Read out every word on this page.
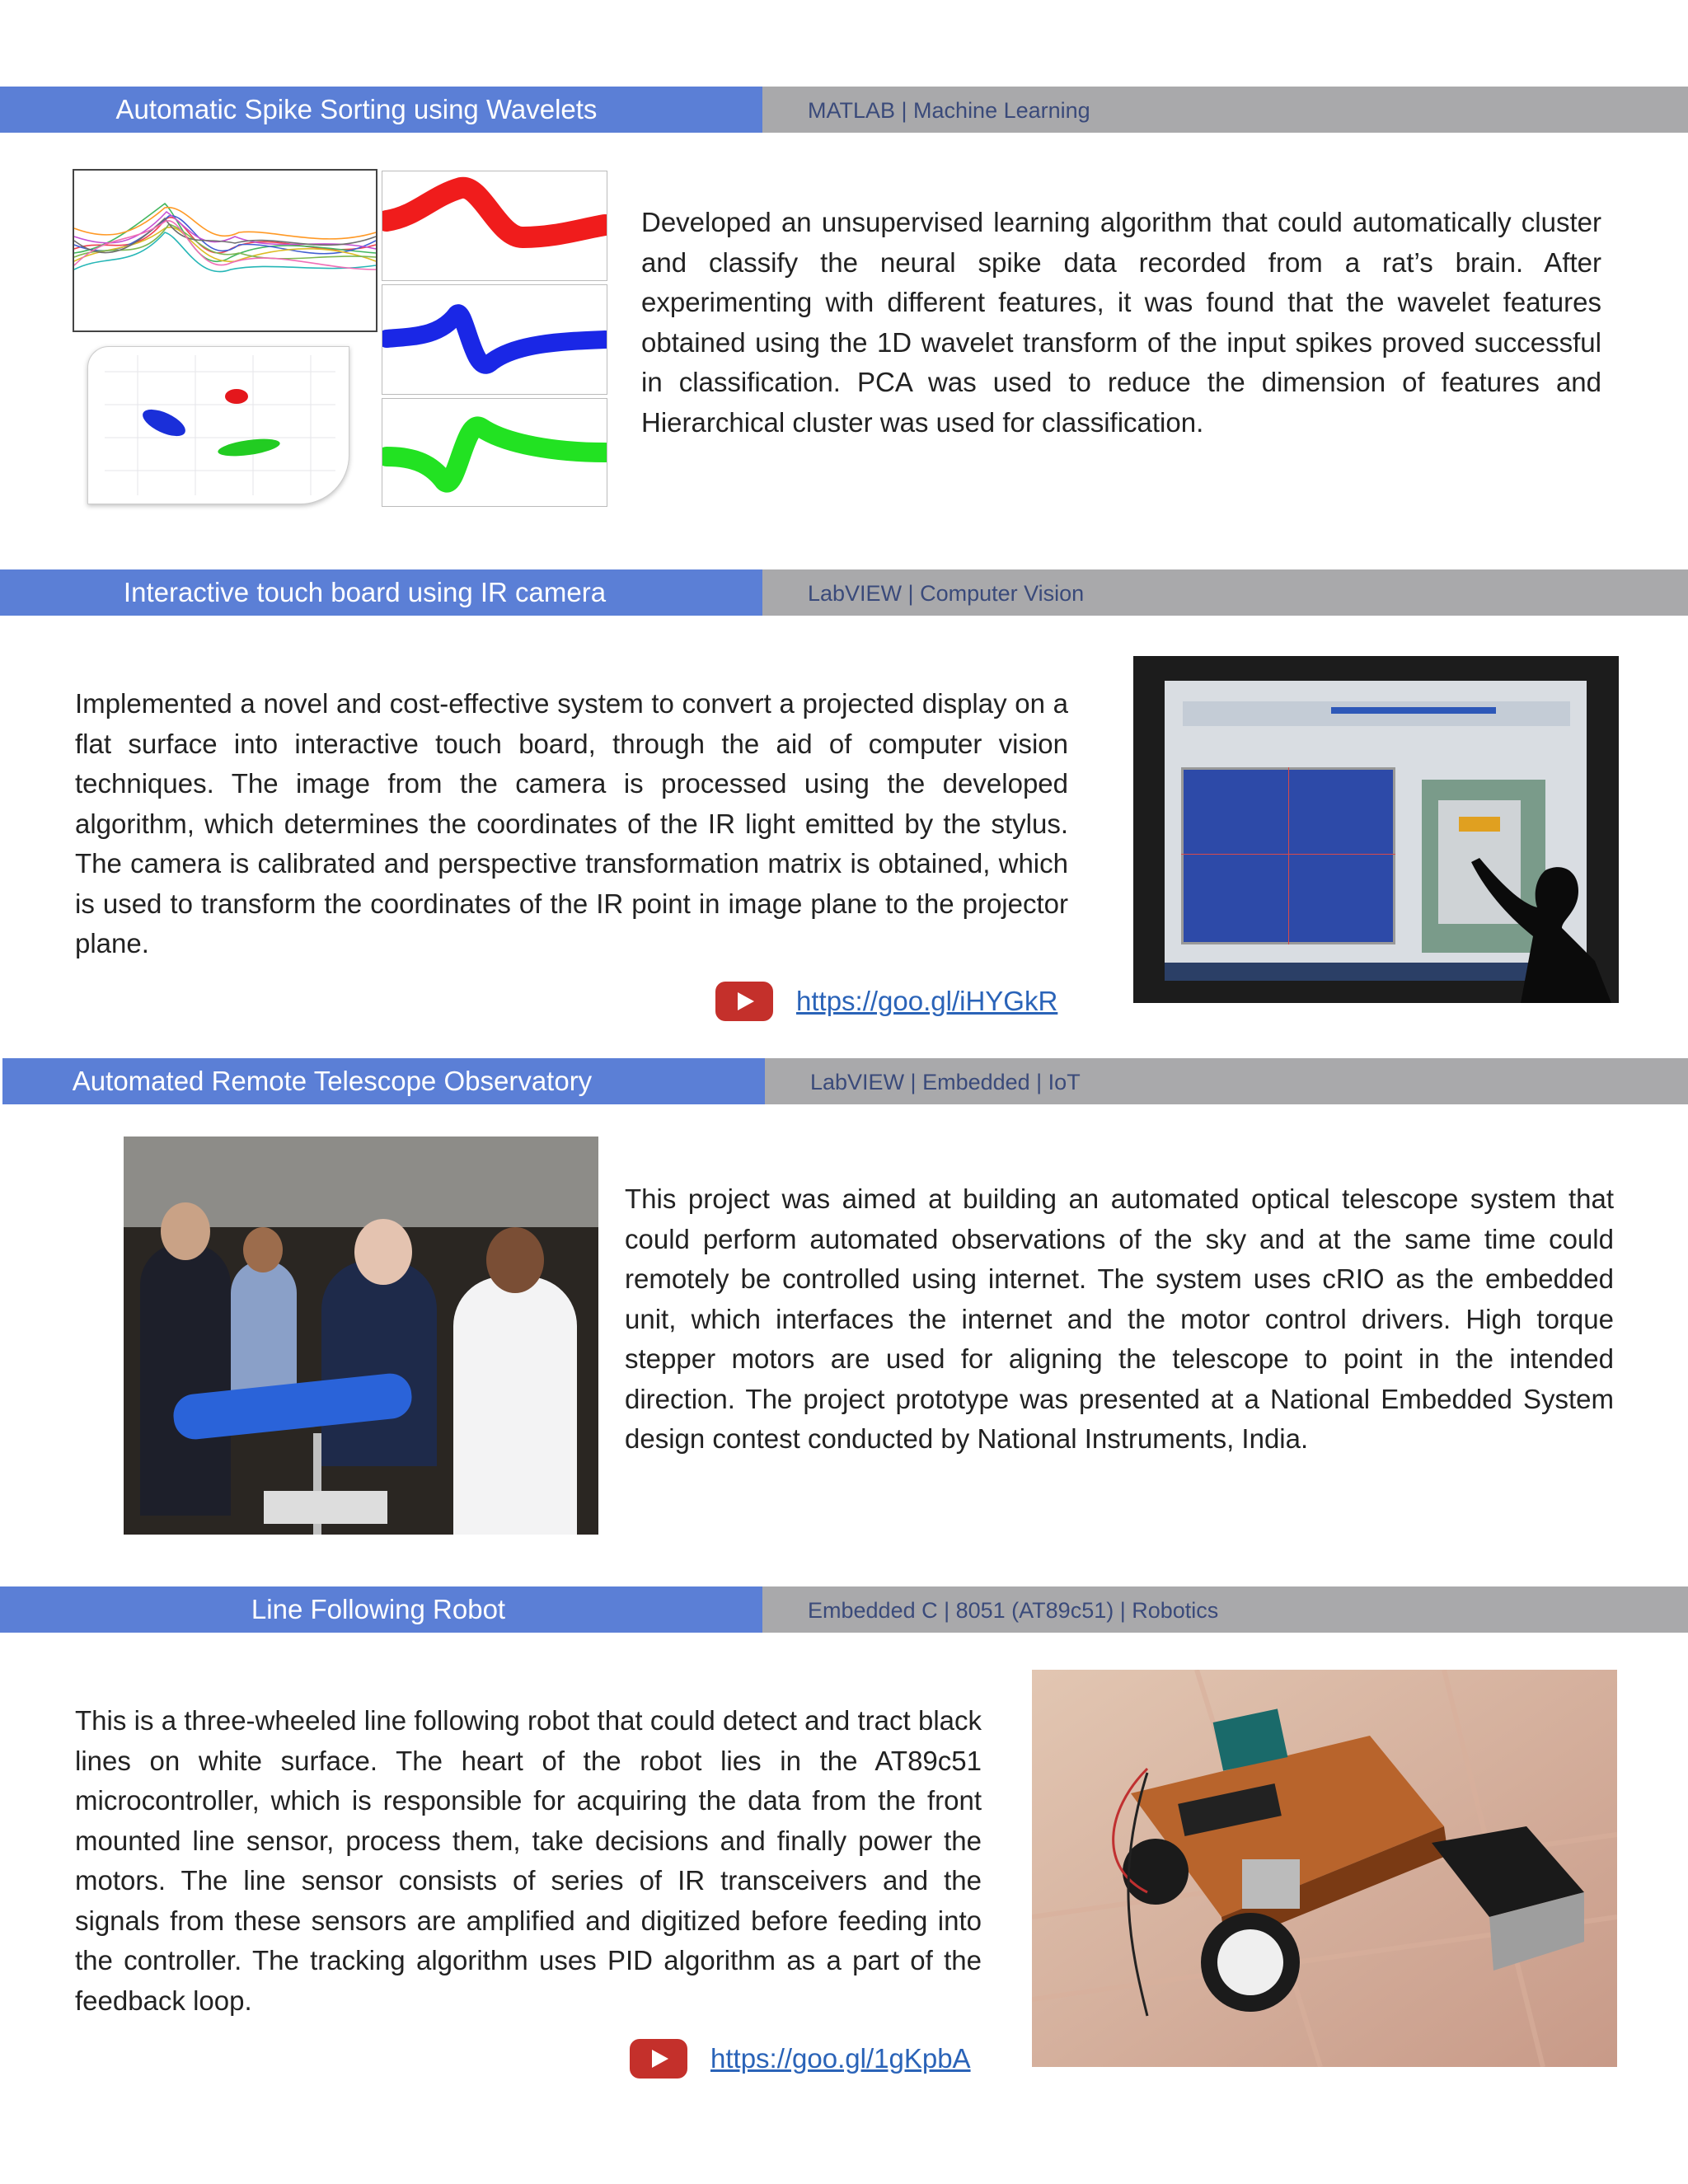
Automatic Spike Sorting using Wavelets	MATLAB | Machine Learning

Developed an unsupervised learning algorithm that could automatically cluster and classify the neural spike data recorded from a rat’s brain. After experimenting with different features, it was found that the wavelet features obtained using the 1D wavelet transform of the input spikes proved successful in classification. PCA was used to reduce the dimension of features and Hierarchical cluster was used for classification.

Interactive touch board using IR camera	LabVIEW | Computer Vision

Implemented a novel and cost-effective system to convert a projected display on a flat surface into interactive touch board, through the aid of computer vision techniques. The image from the camera is processed using the developed algorithm, which determines the coordinates of the IR light emitted by the stylus. The camera is calibrated and perspective transformation matrix is obtained, which is used to transform the coordinates of the IR point in image plane to the projector plane.

https://goo.gl/iHYGkR
Automated Remote Telescope Observatory	LabVIEW | Embedded | IoT

This project was aimed at building an automated optical telescope system that could perform automated observations of the sky and at the same time could remotely be controlled using internet. The system uses cRIO as the embedded unit, which interfaces the internet and the motor control drivers. High torque stepper motors are used for aligning the telescope to point in the intended direction. The project prototype was presented at a National Embedded System design contest conducted by National Instruments, India.

Line Following Robot	Embedded C | 8051 (AT89c51) | Robotics

This is a three-wheeled line following robot that could detect and tract black lines on white surface. The heart of the robot lies in the AT89c51 microcontroller, which is responsible for acquiring the data from the front mounted line sensor, process them, take decisions and finally power the motors. The line sensor consists of series of IR transceivers and the signals from these sensors are amplified and digitized before feeding into the controller. The tracking algorithm uses PID algorithm as a part of the feedback loop.

https://goo.gl/1gKpbA
